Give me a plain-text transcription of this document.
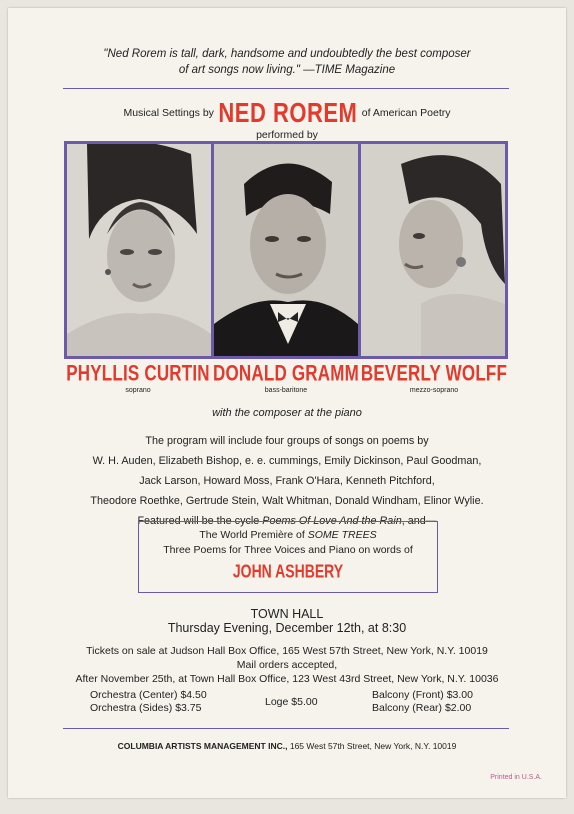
"Ned Rorem is tall, dark, handsome and undoubtedly the best composer
of art songs now living." —TIME Magazine
Musical Settings by NED ROREM of American Poetry
performed by
PHYLLIS CURTIN
soprano
DONALD GRAMM
bass-baritone
BEVERLY WOLFF
mezzo-soprano
with the composer at the piano
The program will include four groups of songs on poems by
W. H. Auden, Elizabeth Bishop, e. e. cummings, Emily Dickinson, Paul Goodman,
Jack Larson, Howard Moss, Frank O'Hara, Kenneth Pitchford,
Theodore Roethke, Gertrude Stein, Walt Whitman, Donald Windham, Elinor Wylie.
Featured will be the cycle Poems Of Love And the Rain, and—
The World Première of SOME TREES
Three Poems for Three Voices and Piano on words of
JOHN ASHBERY
TOWN HALL
Thursday Evening, December 12th, at 8:30
Tickets on sale at Judson Hall Box Office, 165 West 57th Street, New York, N.Y. 10019
Mail orders accepted,
After November 25th, at Town Hall Box Office, 123 West 43rd Street, New York, N.Y. 10036
Orchestra (Center) $4.50
Orchestra (Sides) $3.75	Loge $5.00
Balcony (Front) $3.00
Balcony (Rear) $2.00
COLUMBIA ARTISTS MANAGEMENT INC., 165 West 57th Street, New York, N.Y. 10019
Printed in U.S.A.
